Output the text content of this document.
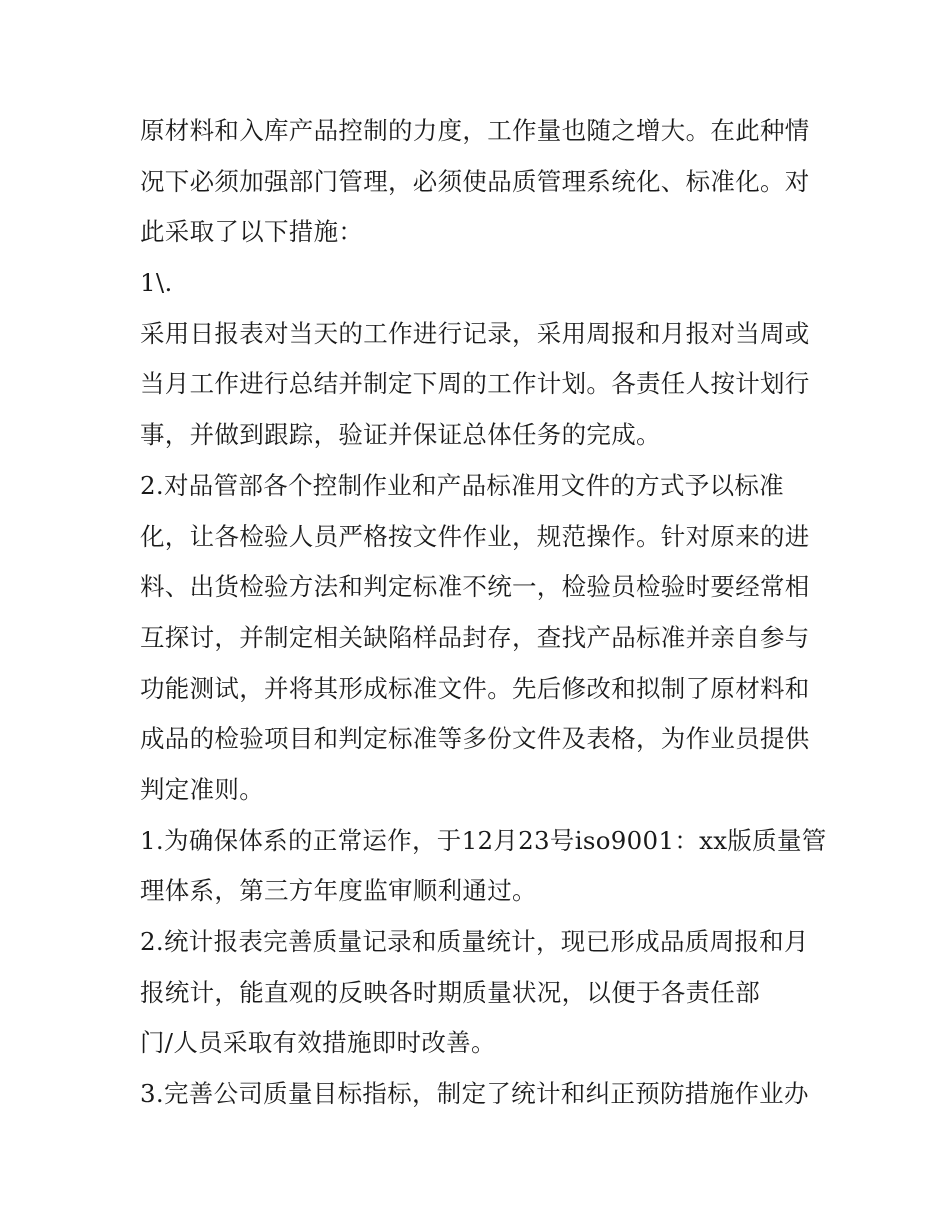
原材料和入库产品控制的力度，工作量也随之增大。在此种情
况下必须加强部门管理，必须使品质管理系统化、标准化。对
此采取了以下措施：
1\.
采用日报表对当天的工作进行记录，采用周报和月报对当周或
当月工作进行总结并制定下周的工作计划。各责任人按计划行
事，并做到跟踪，验证并保证总体任务的完成。
2.对品管部各个控制作业和产品标准用文件的方式予以标准
化，让各检验人员严格按文件作业，规范操作。针对原来的进
料、出货检验方法和判定标准不统一，检验员检验时要经常相
互探讨，并制定相关缺陷样品封存，查找产品标准并亲自参与
功能测试，并将其形成标准文件。先后修改和拟制了原材料和
成品的检验项目和判定标准等多份文件及表格，为作业员提供
判定准则。
1.为确保体系的正常运作，于12月23号iso9001：xx版质量管
理体系，第三方年度监审顺利通过。
2.统计报表完善质量记录和质量统计，现已形成品质周报和月
报统计，能直观的反映各时期质量状况，以便于各责任部
门/人员采取有效措施即时改善。
3.完善公司质量目标指标，制定了统计和纠正预防措施作业办
